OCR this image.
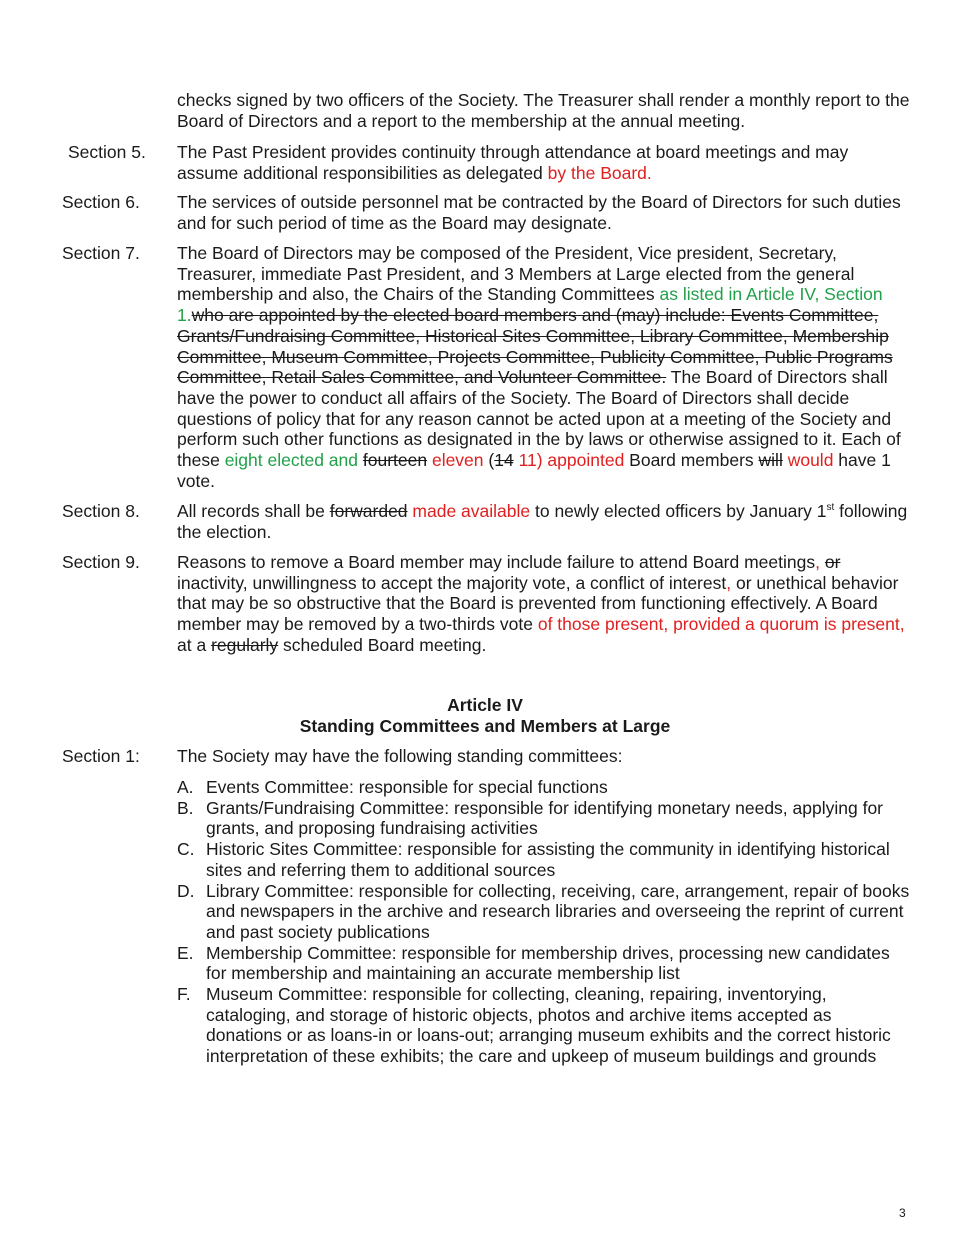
checks signed by two officers of the Society. The Treasurer shall render a monthly report to the Board of Directors and a report to the membership at the annual meeting.
Section 5. The Past President provides continuity through attendance at board meetings and may assume additional responsibilities as delegated by the Board.
Section 6. The services of outside personnel mat be contracted by the Board of Directors for such duties and for such period of time as the Board may designate.
Section 7. The Board of Directors may be composed of the President, Vice president, Secretary, Treasurer, immediate Past President, and 3 Members at Large elected from the general membership and also, the Chairs of the Standing Committees as listed in Article IV, Section 1.who are appointed by the elected board members and (may) include: Events Committee, Grants/Fundraising Committee, Historical Sites Committee, Library Committee, Membership Committee, Museum Committee, Projects Committee, Publicity Committee, Public Programs Committee, Retail Sales Committee, and Volunteer Committee. The Board of Directors shall have the power to conduct all affairs of the Society. The Board of Directors shall decide questions of policy that for any reason cannot be acted upon at a meeting of the Society and perform such other functions as designated in the by laws or otherwise assigned to it. Each of these eight elected and fourteen eleven (14 11) appointed Board members will would have 1 vote.
Section 8. All records shall be forwarded made available to newly elected officers by January 1st following the election.
Section 9. Reasons to remove a Board member may include failure to attend Board meetings, or inactivity, unwillingness to accept the majority vote, a conflict of interest, or unethical behavior that may be so obstructive that the Board is prevented from functioning effectively. A Board member may be removed by a two-thirds vote of those present, provided a quorum is present, at a regularly scheduled Board meeting.
Article IV
Standing Committees and Members at Large
Section 1: The Society may have the following standing committees:
A. Events Committee: responsible for special functions
B. Grants/Fundraising Committee: responsible for identifying monetary needs, applying for grants, and proposing fundraising activities
C. Historic Sites Committee: responsible for assisting the community in identifying historical sites and referring them to additional sources
D. Library Committee: responsible for collecting, receiving, care, arrangement, repair of books and newspapers in the archive and research libraries and overseeing the reprint of current and past society publications
E. Membership Committee: responsible for membership drives, processing new candidates for membership and maintaining an accurate membership list
F. Museum Committee: responsible for collecting, cleaning, repairing, inventorying, cataloging, and storage of historic objects, photos and archive items accepted as donations or as loans-in or loans-out; arranging museum exhibits and the correct historic interpretation of these exhibits; the care and upkeep of museum buildings and grounds
3
